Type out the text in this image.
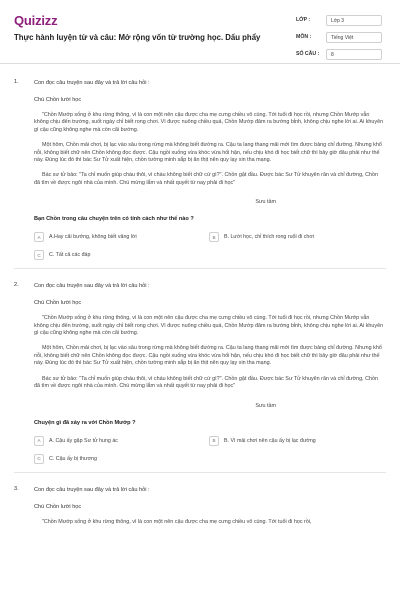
Quizizz
Thực hành luyện từ và câu: Mở rộng vốn từ trường học. Dấu phẩy
LỚP :	Lớp 3
MÔN :	Tiếng Việt
SỐ CÂU :	8
1.	Con đọc câu truyện sau đây và trả lời câu hỏi :
Chú Chồn lười học
"Chồn Mướp sống ở khu rừng thông, vì là con một nên cậu được cha mẹ cưng chiều vô cùng. Tới tuổi đi học rồi, nhưng Chồn Mướp vẫn không chịu đến trường, suốt ngày chỉ biết rong chơi. Vì được nuông chiều quá, Chồn Mướp đâm ra bướng bỉnh, không chịu nghe lời ai. Ai khuyên gì cậu cũng không nghe mà còn cãi bướng.
Một hôm, Chồn mải chơi, bị lạc vào sâu trong rừng mà không biết đường ra. Cậu ta lang thang mãi mới tìm được bảng chỉ đường. Nhưng khổ nỗi, không biết chữ nên Chồn không đọc được. Cậu ngồi xuống vừa khóc vừa hối hận, nếu chịu khó đi học biết chữ thì bây giờ đâu phải như thế này. Đúng lúc đó thì bác Sư Tử xuất hiện, chồn tường minh sắp bị ăn thịt nên quy lạy xin tha mạng.
Bác sư tử bảo: "Ta chỉ muốn giúp cháu thôi, vì cháu không biết chữ cứ gì?". Chồn gật đầu. Được bác Sư Tử khuyên răn và chỉ đường, Chồn đã tìm về được ngôi nhà của mình. Chú mừng lắm và nhất quyết từ nay phải đi học"
Sưu tầm
Bạn Chồn trong câu chuyện trên có tính cách như thế nào ?
A	A.Hay cãi bướng, không biết vâng lời	B	B. Lười học, chỉ thích rong ruổi đi chơi
C	C. Tất cả các đáp
2.	Con đọc câu truyện sau đây và trả lời câu hỏi :
Chú Chồn lười học
"Chồn Mướp sống ở khu rừng thông, vì là con một nên cậu được cha mẹ cưng chiều vô cùng. Tới tuổi đi học rồi, nhưng Chồn Mướp vẫn không chịu đến trường, suốt ngày chỉ biết rong chơi. Vì được nuông chiều quá, Chồn Mướp đâm ra bướng bỉnh, không chịu nghe lời ai. Ai khuyên gì cậu cũng không nghe mà còn cãi bướng.
Một hôm, Chồn mải chơi, bị lạc vào sâu trong rừng mà không biết đường ra. Cậu ta lang thang mãi mới tìm được bảng chỉ đường. Nhưng khổ nỗi, không biết chữ nên Chồn không đọc được. Cậu ngồi xuống vừa khóc vừa hối hận, nếu chịu khó đi học biết chữ thì bây giờ đâu phải như thế này. Đúng lúc đó thì bác Sư Tử xuất hiện, chồn tường minh sắp bị ăn thịt nên quy lạy xin tha mạng.
Bác sư tử bảo: "Ta chỉ muốn giúp cháu thôi, vì cháu không biết chữ cứ gì?". Chồn gật đầu. Được bác Sư Tử khuyên răn và chỉ đường, Chồn đã tìm về được ngôi nhà của mình. Chú mừng lắm và nhất quyết từ nay phải đi học"
Sưu tầm
Chuyện gì đã xảy ra với Chồn Mướp ?
A	A. Cậu ấy gặp Sư tử hung ác	B	B. Vì mải chơi nên cậu ấy bị lạc đường
C	C. Cậu ấy bị thương
3.	Con đọc câu truyện sau đây và trả lời câu hỏi :
Chú Chồn lười học
"Chồn Mướp sống ở khu rừng thông, vì là con một nên cậu được cha mẹ cưng chiều vô cùng. Tới tuổi đi học rồi,
